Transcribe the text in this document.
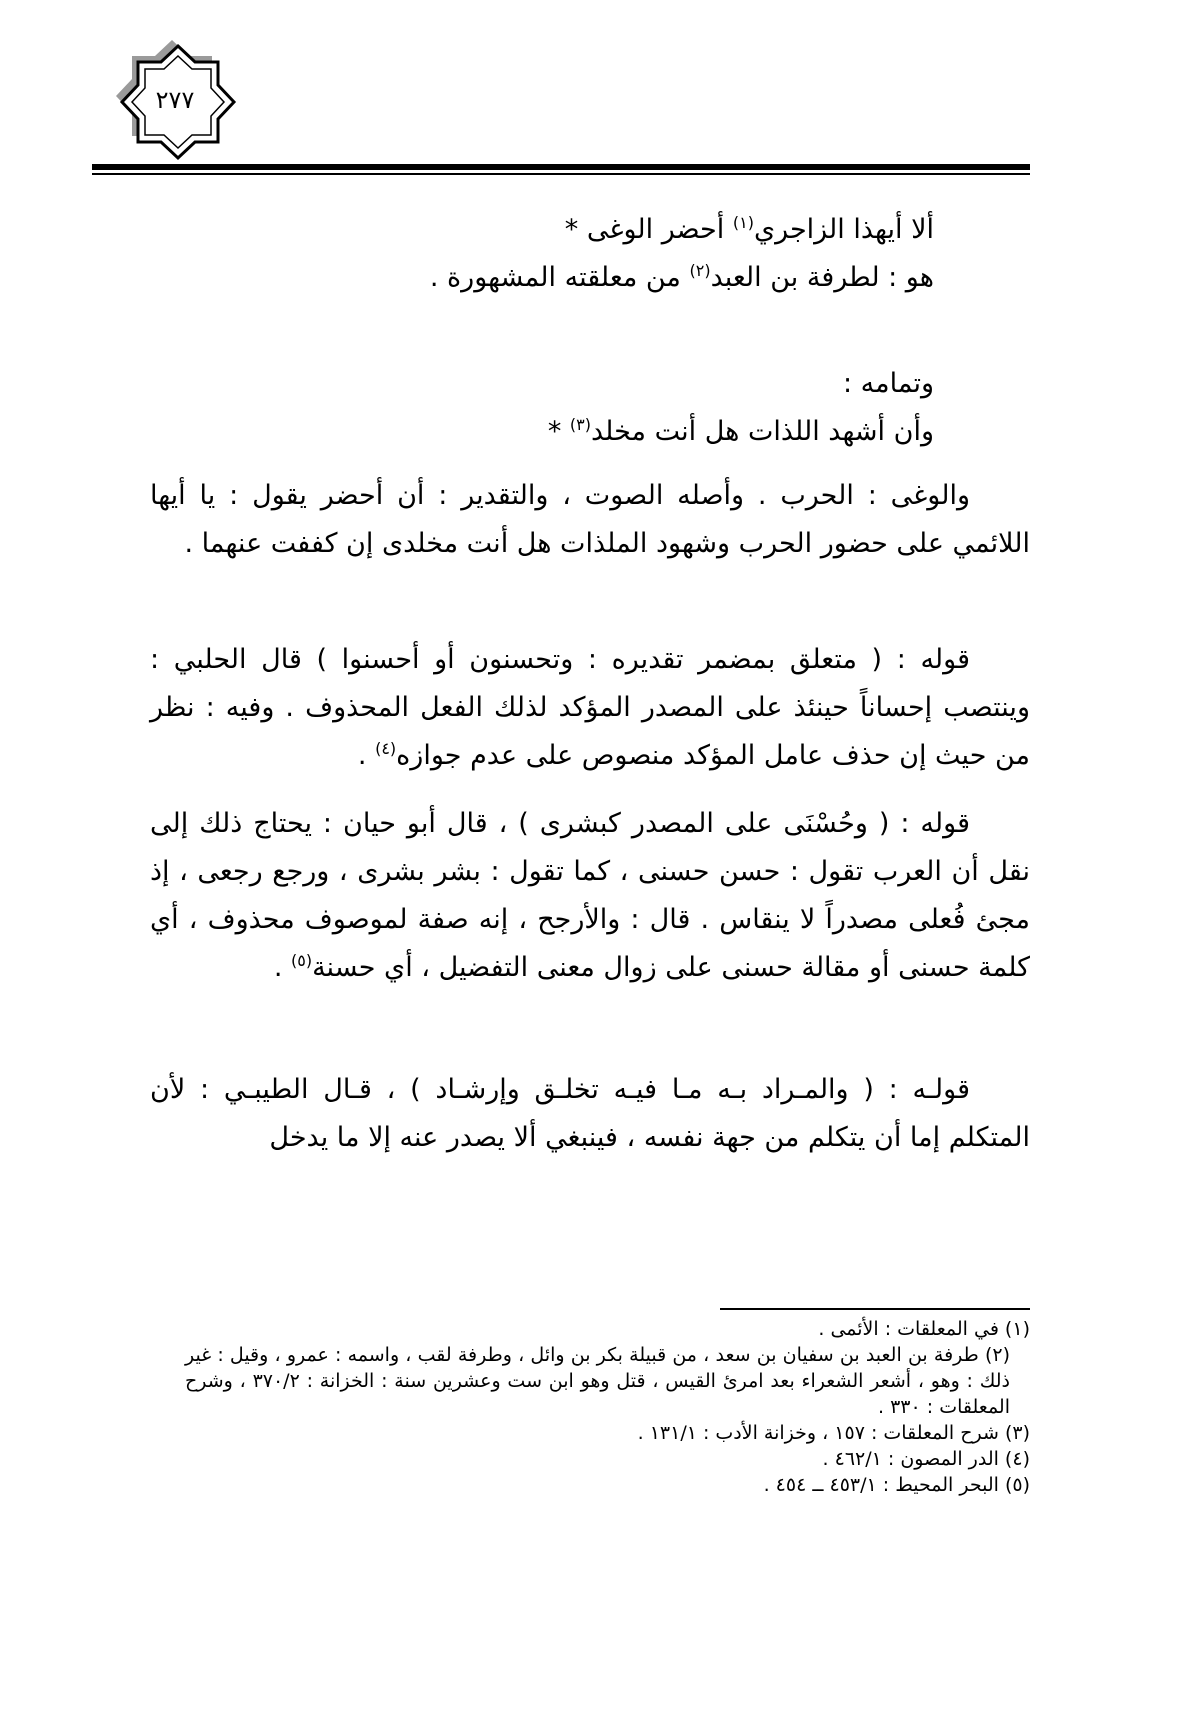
٢٧٧
ألا أيهذا الزاجري$^{(١)}$ أحضر الوغى *
هو : لطرفة بن العبد$^{(٢)}$ من معلقته المشهورة .
وتمامه :
وأن أشهد اللذات هل أنت مخلد$^{(٣)}$ *
والوغى : الحرب . وأصله الصوت ، والتقدير : أن أحضر يقول : يا أيها اللائمي على حضور الحرب وشهود الملذات هل أنت مخلدى إن كففت عنهما .
قوله : ( متعلق بمضمر تقديره : وتحسنون أو أحسنوا ) قال الحلبي : وينتصب إحساناً حينئذ على المصدر المؤكد لذلك الفعل المحذوف . وفيه : نظر من حيث إن حذف عامل المؤكد منصوص على عدم جوازه$^{(٤)}$ .
قوله : ( وحُسْنَى على المصدر كبشرى ) ، قال أبو حيان : يحتاج ذلك إلى نقل أن العرب تقول : حسن حسنى ، كما تقول : بشر بشرى ، ورجع رجعى ، إذ مجئ فُعلى مصدراً لا ينقاس . قال : والأرجح ، إنه صفة لموصوف محذوف ، أي كلمة حسنى أو مقالة حسنى على زوال معنى التفضيل ، أي حسنة$^{(٥)}$ .
قولـه : ( والمـراد بـه مـا فيـه تخلـق وإرشـاد ) ، قـال الطيبـي : لأن المتكلم إما أن يتكلم من جهة نفسه ، فينبغي ألا يصدر عنه إلا ما يدخل

(١) في المعلقات : الأئمى .

(٢) طرفة بن العبد بن سفيان بن سعد ، من قبيلة بكر بن وائل ، وطرفة لقب ، واسمه : عمرو ، وقيل : غير ذلك : وهو ، أشعر الشعراء بعد امرئ القيس ، قتل وهو ابن ست وعشرين سنة : الخزانة : ٣٧٠/٢ ، وشرح المعلقات : ٣٣٠ .

(٣) شرح المعلقات : ١٥٧ ، وخزانة الأدب : ١٣١/١ .

(٤) الدر المصون : ٤٦٢/١ .

(٥) البحر المحيط : ٤٥٣/١ ــ ٤٥٤ .
